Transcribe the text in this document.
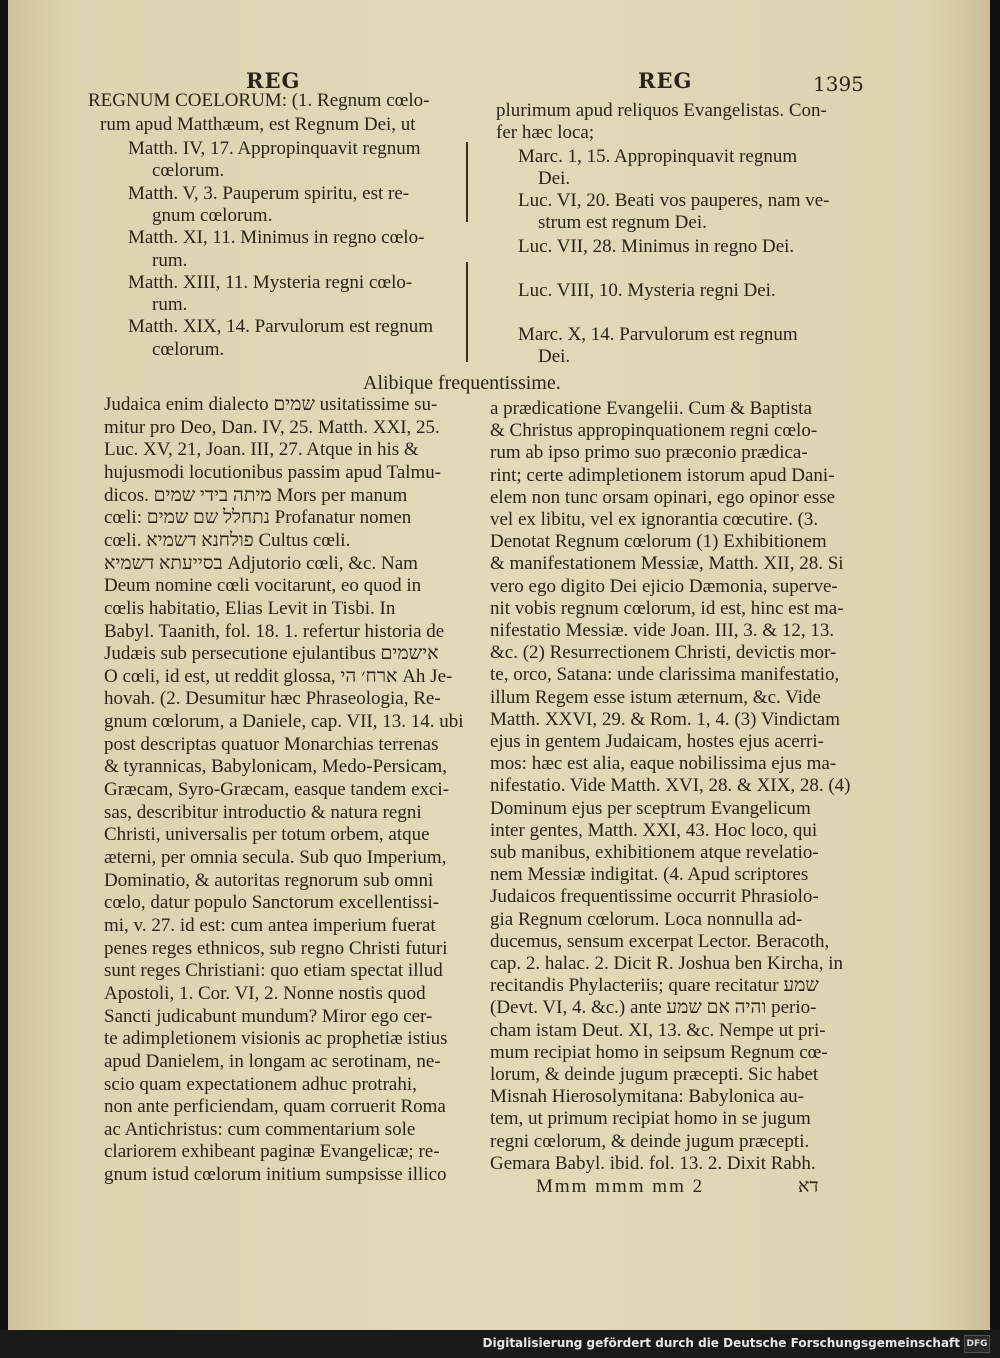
REG	REG	1395
REGNUM COELORUM: (1. Regnum cœlo-
rum apud Matthæum, est Regnum Dei, ut
Matth. IV, 17. Appropinquavit regnum
cœlorum.
Matth. V, 3. Pauperum spiritu, est re-
gnum cœlorum.
Matth. XI, 11. Minimus in regno cœlo-
rum.
Matth. XIII, 11. Mysteria regni cœlo-
rum.
Matth. XIX, 14. Parvulorum est regnum
cœlorum.
plurimum apud reliquos Evangelistas. Con-
fer hæc loca;
Marc. 1, 15. Appropinquavit regnum
Dei.
Luc. VI, 20. Beati vos pauperes, nam ve-
strum est regnum Dei.
Luc. VII, 28. Minimus in regno Dei.
Luc. VIII, 10. Mysteria regni Dei.
Marc. X, 14. Parvulorum est regnum
Dei.
Alibique frequentissime.
Judaica enim dialecto שמים usitatissime su-
mitur pro Deo, Dan. IV, 25. Matth. XXI, 25.
Luc. XV, 21, Joan. III, 27. Atque in his &
hujusmodi locutionibus passim apud Talmu-
dicos. מיתה בידי שמים Mors per manum
cœli: נתחלל שם שמים Profanatur nomen
cœli. פולחנא דשמיא Cultus cœli.
בסייעתא דשמיא Adjutorio cœli, &c. Nam
Deum nomine cœli vocitarunt, eo quod in
cœlis habitatio, Elias Levit in Tisbi. In
Babyl. Taanith, fol. 18. 1. refertur historia de
Judæis sub persecutione ejulantibus אישמים
O cœli, id est, ut reddit glossa, ארח׳ הי Ah Je-
hovah. (2. Desumitur hæc Phraseologia, Re-
gnum cœlorum, a Daniele, cap. VII, 13. 14. ubi
post descriptas quatuor Monarchias terrenas
& tyrannicas, Babylonicam, Medo-Persicam,
Græcam, Syro-Græcam, easque tandem exci-
sas, describitur introductio & natura regni
Christi, universalis per totum orbem, atque
æterni, per omnia secula. Sub quo Imperium,
Dominatio, & autoritas regnorum sub omni
cœlo, datur populo Sanctorum excellentissi-
mi, v. 27. id est: cum antea imperium fuerat
penes reges ethnicos, sub regno Christi futuri
sunt reges Christiani: quo etiam spectat illud
Apostoli, 1. Cor. VI, 2. Nonne nostis quod
Sancti judicabunt mundum? Miror ego cer-
te adimpletionem visionis ac prophetiæ istius
apud Danielem, in longam ac serotinam, ne-
scio quam expectationem adhuc protrahi,
non ante perficiendam, quam corruerit Roma
ac Antichristus: cum commentarium sole
clariorem exhibeant paginæ Evangelicæ; re-
gnum istud cœlorum initium sumpsisse illico
a prædicatione Evangelii. Cum & Baptista
& Christus appropinquationem regni cœlo-
rum ab ipso primo suo præconio prædica-
rint; certe adimpletionem istorum apud Dani-
elem non tunc orsam opinari, ego opinor esse
vel ex libitu, vel ex ignorantia cœcutire. (3.
Denotat Regnum cœlorum (1) Exhibitionem
& manifestationem Messiæ, Matth. XII, 28. Si
vero ego digito Dei ejicio Dæmonia, superve-
nit vobis regnum cœlorum, id est, hinc est ma-
nifestatio Messiæ. vide Joan. III, 3. & 12, 13.
&c. (2) Resurrectionem Christi, devictis mor-
te, orco, Satana: unde clarissima manifestatio,
illum Regem esse istum æternum, &c. Vide
Matth. XXVI, 29. & Rom. 1, 4. (3) Vindictam
ejus in gentem Judaicam, hostes ejus acerri-
mos: hæc est alia, eaque nobilissima ejus ma-
nifestatio. Vide Matth. XVI, 28. & XIX, 28. (4)
Dominum ejus per sceptrum Evangelicum
inter gentes, Matth. XXI, 43. Hoc loco, qui
sub manibus, exhibitionem atque revelatio-
nem Messiæ indigitat. (4. Apud scriptores
Judaicos frequentissime occurrit Phrasiolo-
gia Regnum cœlorum. Loca nonnulla ad-
ducemus, sensum excerpat Lector. Beracoth,
cap. 2. halac. 2. Dicit R. Joshua ben Kircha, in
recitandis Phylacteriis; quare recitatur שמע
(Devt. VI, 4. &c.) ante והיה אם שמע perio-
cham istam Deut. XI, 13. &c. Nempe ut pri-
mum recipiat homo in seipsum Regnum cœ-
lorum, & deinde jugum præcepti. Sic habet
Misnah Hierosolymitana: Babylonica au-
tem, ut primum recipiat homo in se jugum
regni cœlorum, & deinde jugum præcepti.
Gemara Babyl. ibid. fol. 13. 2. Dixit Rabh.
Mmm mmm mm 2	דא
Digitalisierung gefördert durch die Deutsche Forschungsgemeinschaft DFG
